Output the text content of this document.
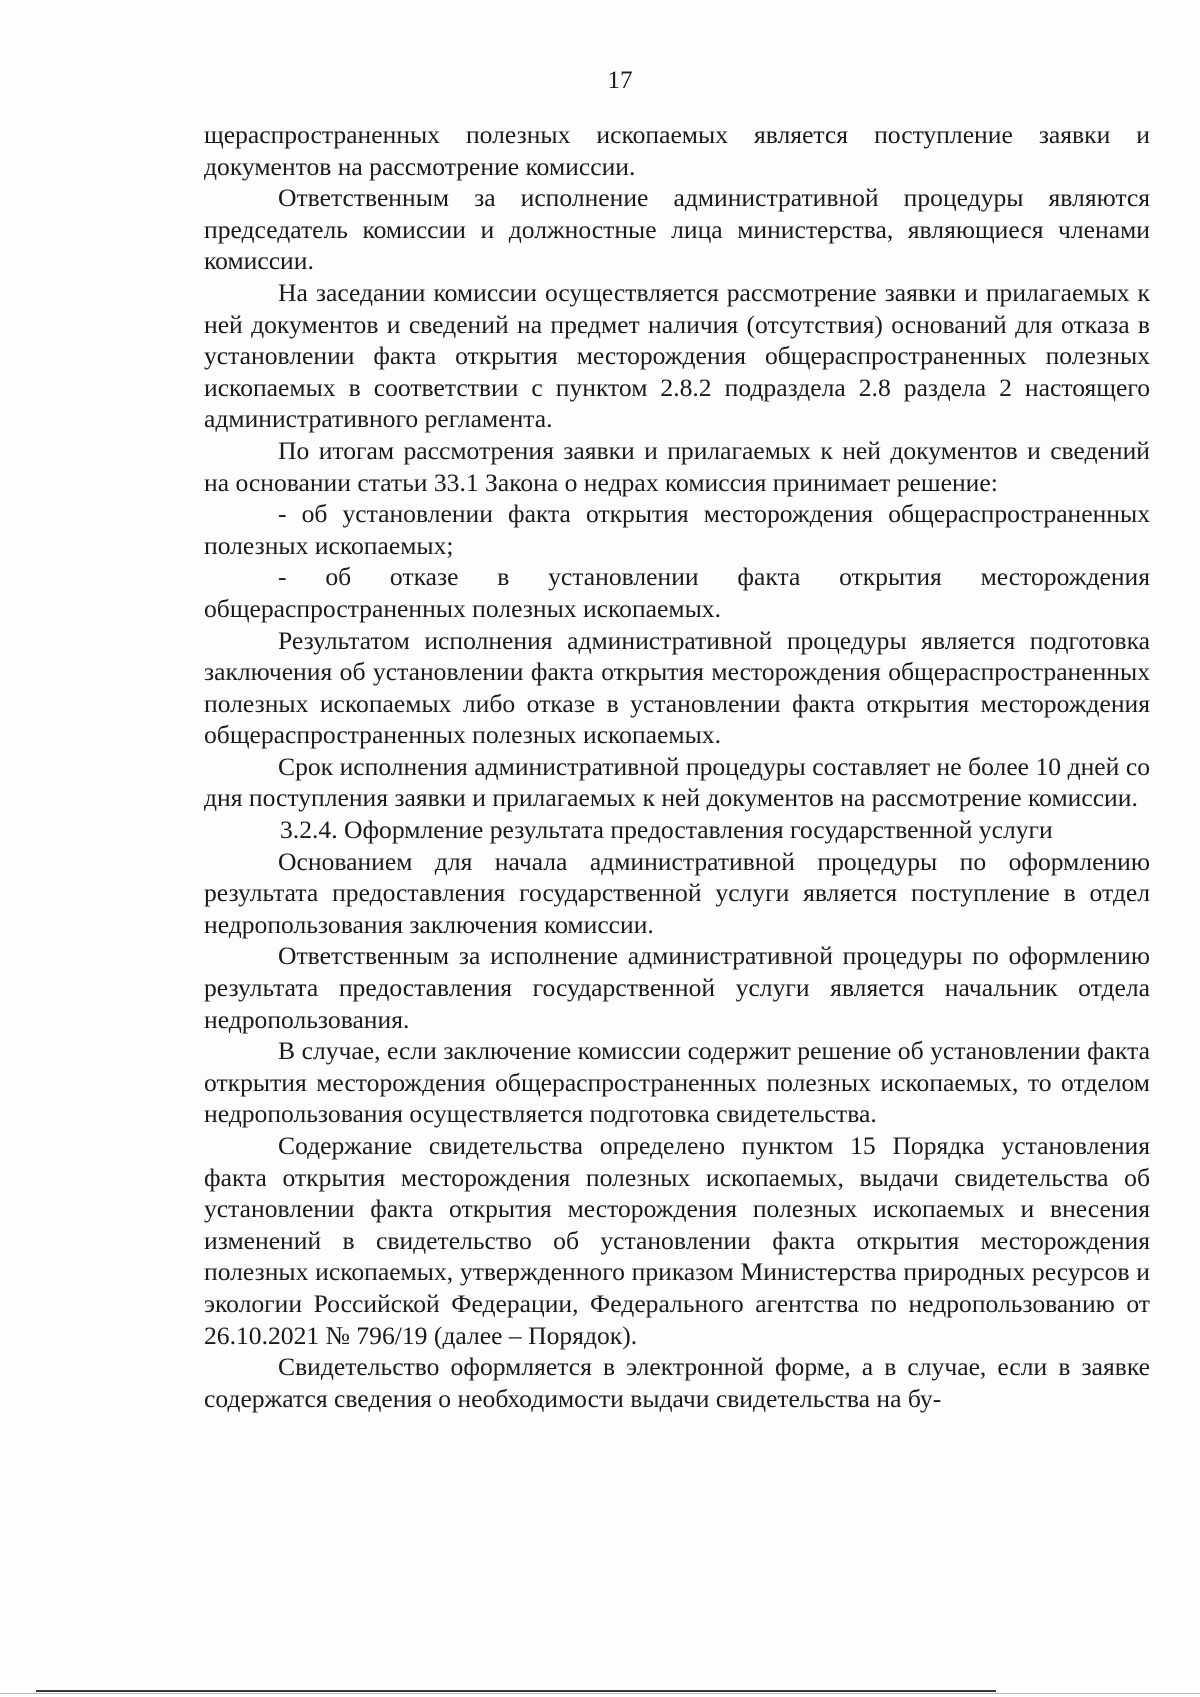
17

щераспространенных полезных ископаемых является поступление заявки и документов на рассмотрение комиссии.

Ответственным за исполнение административной процедуры являются председатель комиссии и должностные лица министерства, являющиеся членами комиссии.

На заседании комиссии осуществляется рассмотрение заявки и прилагаемых к ней документов и сведений на предмет наличия (отсутствия) оснований для отказа в установлении факта открытия месторождения общераспространенных полезных ископаемых в соответствии с пунктом 2.8.2 подраздела 2.8 раздела 2 настоящего административного регламента.

По итогам рассмотрения заявки и прилагаемых к ней документов и сведений на основании статьи 33.1 Закона о недрах комиссия принимает решение:

- об установлении факта открытия месторождения общераспространенных полезных ископаемых;

- об отказе в установлении факта открытия месторождения общераспространенных полезных ископаемых.

Результатом исполнения административной процедуры является подготовка заключения об установлении факта открытия месторождения общераспространенных полезных ископаемых либо отказе в установлении факта открытия месторождения общераспространенных полезных ископаемых.

Срок исполнения административной процедуры составляет не более 10 дней со дня поступления заявки и прилагаемых к ней документов на рассмотрение комиссии.

3.2.4. Оформление результата предоставления государственной услуги

Основанием для начала административной процедуры по оформлению результата предоставления государственной услуги является поступление в отдел недропользования заключения комиссии.

Ответственным за исполнение административной процедуры по оформлению результата предоставления государственной услуги является начальник отдела недропользования.

В случае, если заключение комиссии содержит решение об установлении факта открытия месторождения общераспространенных полезных ископаемых, то отделом недропользования осуществляется подготовка свидетельства.

Содержание свидетельства определено пунктом 15 Порядка установления факта открытия месторождения полезных ископаемых, выдачи свидетельства об установлении факта открытия месторождения полезных ископаемых и внесения изменений в свидетельство об установлении факта открытия месторождения полезных ископаемых, утвержденного приказом Министерства природных ресурсов и экологии Российской Федерации, Федерального агентства по недропользованию от 26.10.2021 № 796/19 (далее – Порядок).

Свидетельство оформляется в электронной форме, а в случае, если в заявке содержатся сведения о необходимости выдачи свидетельства на бу-
